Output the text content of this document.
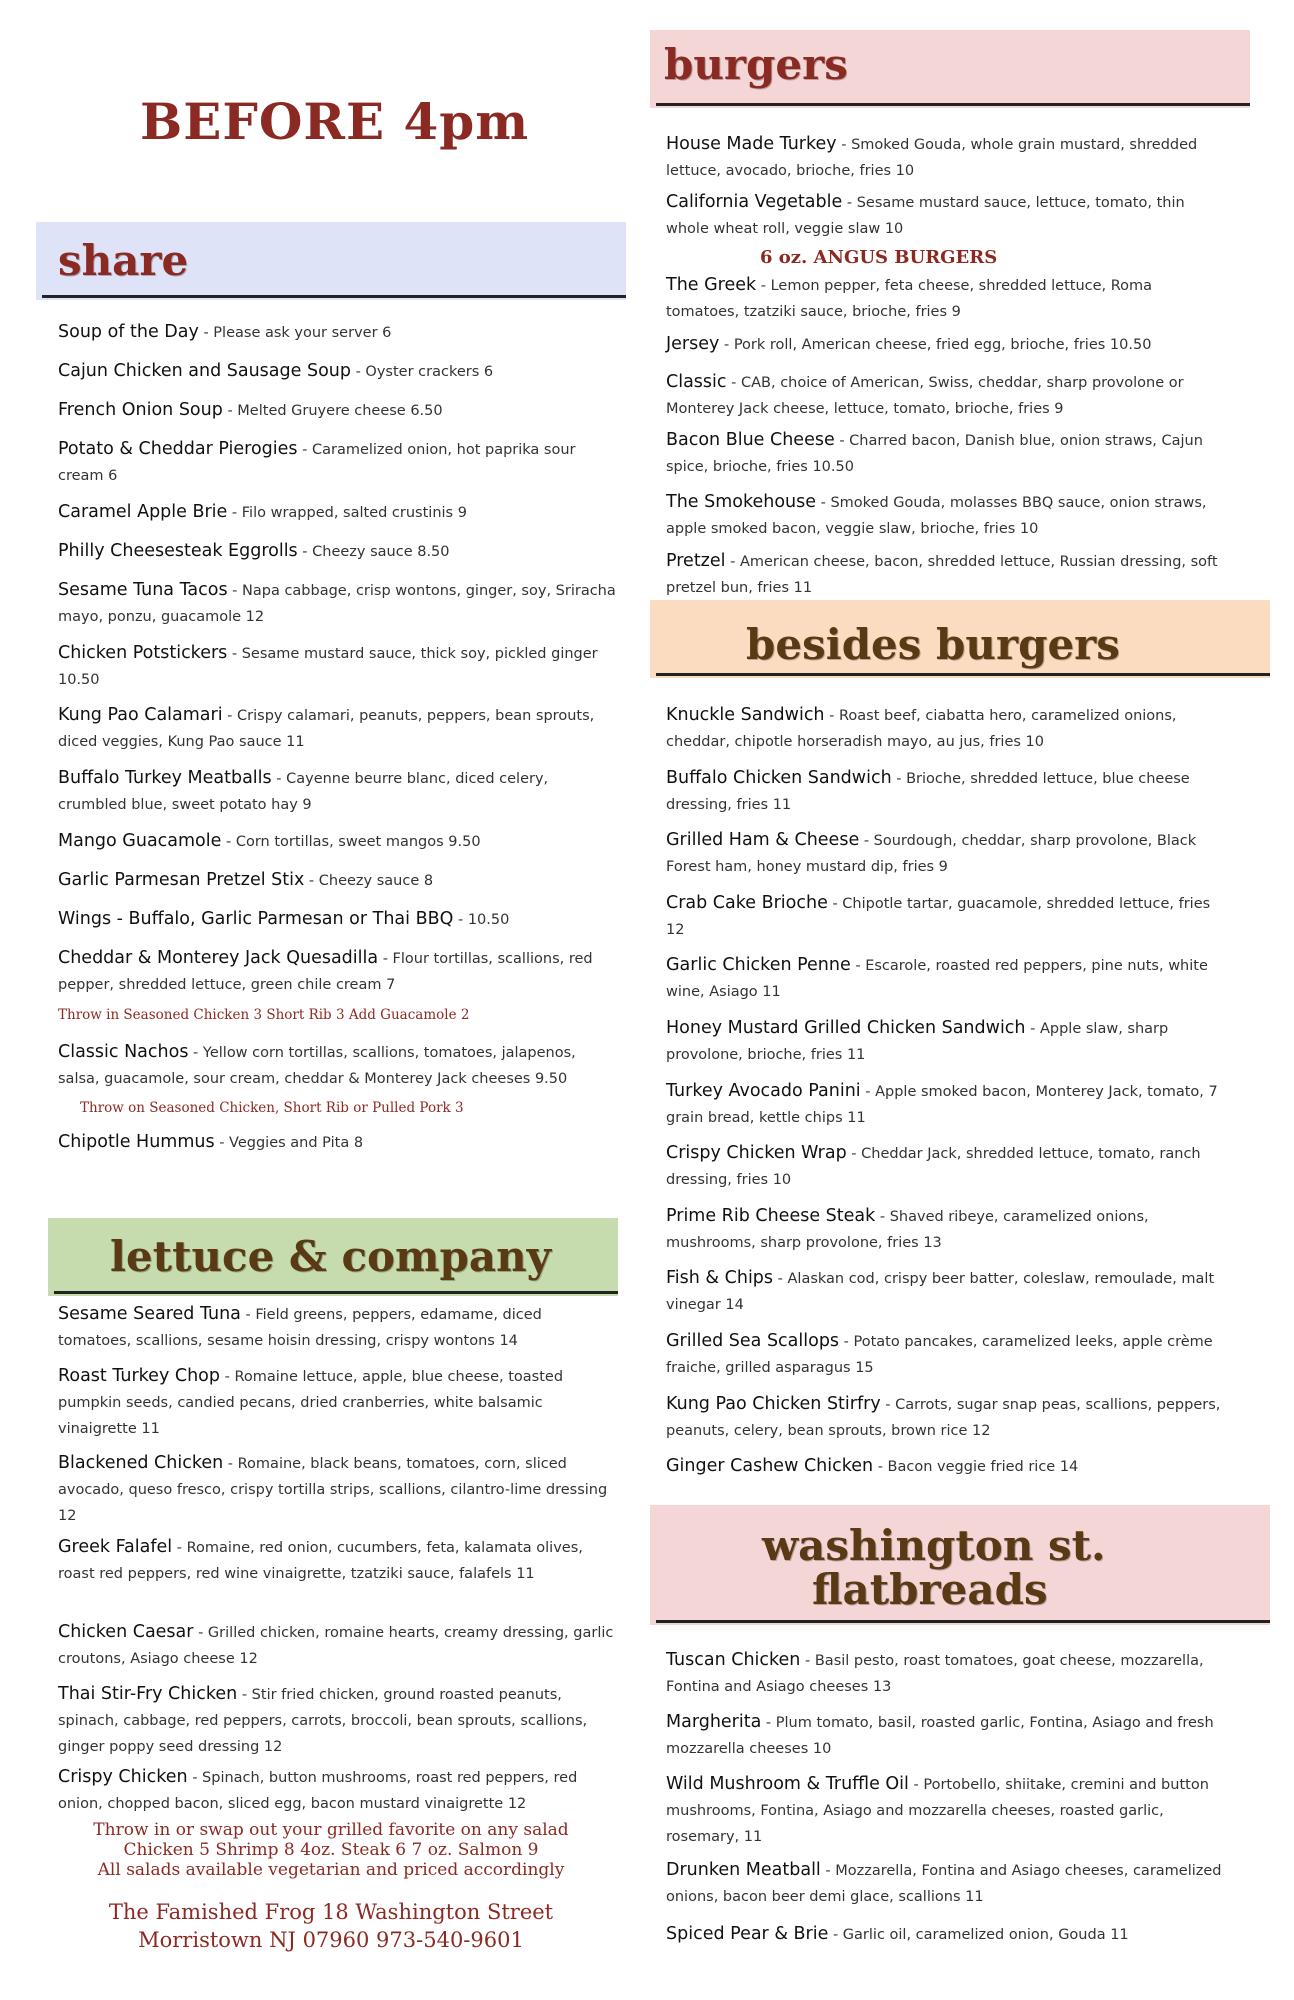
BEFORE 4pm
share
Soup of the Day - Please ask your server 6
Cajun Chicken and Sausage Soup - Oyster crackers 6
French Onion Soup - Melted Gruyere cheese 6.50
Potato & Cheddar Pierogies - Caramelized onion, hot paprika sour cream 6
Caramel Apple Brie - Filo wrapped, salted crustinis 9
Philly Cheesesteak Eggrolls - Cheezy sauce 8.50
Sesame Tuna Tacos - Napa cabbage, crisp wontons, ginger, soy, Sriracha mayo, ponzu, guacamole 12
Chicken Potstickers - Sesame mustard sauce, thick soy, pickled ginger 10.50
Kung Pao Calamari - Crispy calamari, peanuts, peppers, bean sprouts, diced veggies, Kung Pao sauce 11
Buffalo Turkey Meatballs - Cayenne beurre blanc, diced celery, crumbled blue, sweet potato hay 9
Mango Guacamole - Corn tortillas, sweet mangos 9.50
Garlic Parmesan Pretzel Stix - Cheezy sauce 8
Wings - Buffalo, Garlic Parmesan or Thai BBQ - 10.50
Cheddar & Monterey Jack Quesadilla - Flour tortillas, scallions, red pepper, shredded lettuce, green chile cream 7
Classic Nachos - Yellow corn tortillas, scallions, tomatoes, jalapenos, salsa, guacamole, sour cream, cheddar & Monterey Jack cheeses 9.50
Chipotle Hummus - Veggies and Pita 8
Throw in Seasoned Chicken 3 Short Rib 3 Add Guacamole 2
Throw on Seasoned Chicken, Short Rib or Pulled Pork 3
lettuce & company
Sesame Seared Tuna - Field greens, peppers, edamame, diced tomatoes, scallions, sesame hoisin dressing, crispy wontons 14
Roast Turkey Chop - Romaine lettuce, apple, blue cheese, toasted pumpkin seeds, candied pecans, dried cranberries, white balsamic vinaigrette 11
Blackened Chicken - Romaine, black beans, tomatoes, corn, sliced avocado, queso fresco, crispy tortilla strips, scallions, cilantro-lime dressing 12
Greek Falafel - Romaine, red onion, cucumbers, feta, kalamata olives, roast red peppers, red wine vinaigrette, tzatziki sauce, falafels 11
Chicken Caesar - Grilled chicken, romaine hearts, creamy dressing, garlic croutons, Asiago cheese 12
Thai Stir-Fry Chicken - Stir fried chicken, ground roasted peanuts, spinach, cabbage, red peppers, carrots, broccoli, bean sprouts, scallions, ginger poppy seed dressing 12
Crispy Chicken - Spinach, button mushrooms, roast red peppers, red onion, chopped bacon, sliced egg, bacon mustard vinaigrette 12
Throw in or swap out your grilled favorite on any salad
Chicken 5 Shrimp 8 4oz. Steak 6 7 oz. Salmon 9
All salads available vegetarian and priced accordingly
The Famished Frog 18 Washington Street
Morristown NJ 07960 973-540-9601
burgers
House Made Turkey - Smoked Gouda, whole grain mustard, shredded lettuce, avocado, brioche, fries 10
California Vegetable - Sesame mustard sauce, lettuce, tomato, thin whole wheat roll, veggie slaw 10
6 oz. ANGUS BURGERS
The Greek - Lemon pepper, feta cheese, shredded lettuce, Roma tomatoes, tzatziki sauce, brioche, fries 9
Jersey - Pork roll, American cheese, fried egg, brioche, fries 10.50
Classic - CAB, choice of American, Swiss, cheddar, sharp provolone or Monterey Jack cheese, lettuce, tomato, brioche, fries 9
Bacon Blue Cheese - Charred bacon, Danish blue, onion straws, Cajun spice, brioche, fries 10.50
The Smokehouse - Smoked Gouda, molasses BBQ sauce, onion straws, apple smoked bacon, veggie slaw, brioche, fries 10
Pretzel - American cheese, bacon, shredded lettuce, Russian dressing, soft pretzel bun, fries 11
besides burgers
Knuckle Sandwich - Roast beef, ciabatta hero, caramelized onions, cheddar, chipotle horseradish mayo, au jus, fries 10
Buffalo Chicken Sandwich - Brioche, shredded lettuce, blue cheese dressing, fries 11
Grilled Ham & Cheese - Sourdough, cheddar, sharp provolone, Black Forest ham, honey mustard dip, fries 9
Crab Cake Brioche - Chipotle tartar, guacamole, shredded lettuce, fries 12
Garlic Chicken Penne - Escarole, roasted red peppers, pine nuts, white wine, Asiago 11
Honey Mustard Grilled Chicken Sandwich - Apple slaw, sharp provolone, brioche, fries 11
Turkey Avocado Panini - Apple smoked bacon, Monterey Jack, tomato, 7 grain bread, kettle chips 11
Crispy Chicken Wrap - Cheddar Jack, shredded lettuce, tomato, ranch dressing, fries 10
Prime Rib Cheese Steak - Shaved ribeye, caramelized onions, mushrooms, sharp provolone, fries 13
Fish & Chips - Alaskan cod, crispy beer batter, coleslaw, remoulade, malt vinegar 14
Grilled Sea Scallops - Potato pancakes, caramelized leeks, apple crème fraiche, grilled asparagus 15
Kung Pao Chicken Stirfry - Carrots, sugar snap peas, scallions, peppers, peanuts, celery, bean sprouts, brown rice 12
Ginger Cashew Chicken - Bacon veggie fried rice 14
washington st.
flatbreads
Tuscan Chicken - Basil pesto, roast tomatoes, goat cheese, mozzarella, Fontina and Asiago cheeses 13
Margherita - Plum tomato, basil, roasted garlic, Fontina, Asiago and fresh mozzarella cheeses 10
Wild Mushroom & Truffle Oil - Portobello, shiitake, cremini and button mushrooms, Fontina, Asiago and mozzarella cheeses, roasted garlic, rosemary, 11
Drunken Meatball - Mozzarella, Fontina and Asiago cheeses, caramelized onions, bacon beer demi glace, scallions 11
Spiced Pear & Brie - Garlic oil, caramelized onion, Gouda 11
